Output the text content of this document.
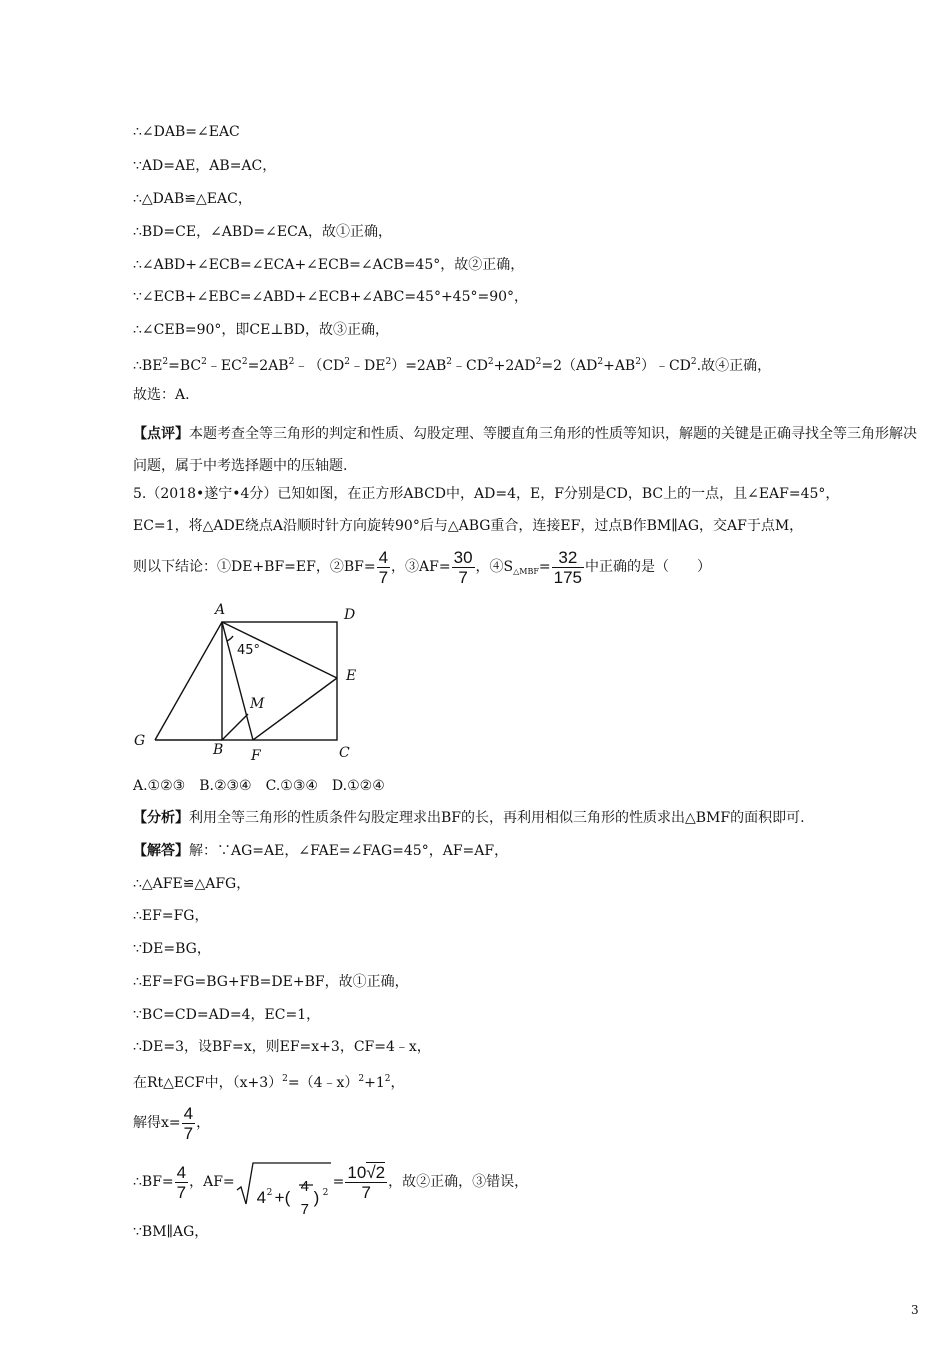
∴∠DAB=∠EAC
∵AD=AE，AB=AC，
∴△DAB≌△EAC，
∴BD=CE，∠ABD=∠ECA，故①正确，
∴∠ABD+∠ECB=∠ECA+∠ECB=∠ACB=45°，故②正确，
∵∠ECB+∠EBC=∠ABD+∠ECB+∠ABC=45°+45°=90°，
∴∠CEB=90°，即CE⊥BD，故③正确，
$\therefore BE^2=BC^2﹣EC^2=2AB^2﹣(CD^2﹣DE^2)=2AB^2﹣CD^2+2AD^2=2(AD^2+AB^2)﹣CD^2$.故④正确，
故选：A.
【点评】本题考查全等三角形的判定和性质、勾股定理、等腰直角三角形的性质等知识，解题的关键是正确寻找全等三角形解决问题，属于中考选择题中的压轴题.
5.（2018•遂宁•4分）已知如图，在正方形ABCD中，AD=4，E，F分别是CD，BC上的一点，且∠EAF=45°，
EC=1，将△ADE绕点A沿顺时针方向旋转90°后与△ABG重合，连接EF，过点B作BM∥AG，交AF于点M，
则以下结论：①DE+BF=EF，②BF= $\frac{4}{7}$ ，③AF= $\frac{30}{7}$ ，$④S_{\triangle MBF}= \frac{32}{175}$ 中正确的是（　　）
A	D
E
G
B F	C
M
45°
A.①②③　B.②③④　C.①③④　D.①②④
【分析】利用全等三角形的性质条件勾股定理求出BF的长，再利用相似三角形的性质求出△BMF的面积即可.
【解答】解：∵AG=AE，∠FAE=∠FAG=45°，AF=AF，
∴△AFE≌△AFG，
∴EF=FG，
∵DE=BG，
∴EF=FG=BG+FB=DE+BF，故①正确，
∵BC=CD=AD=4，EC=1，
∴DE=3，设BF=x，则EF=x+3，CF=4﹣x，
在Rt△ECF中，$(x+3)^2=(4﹣x)^2+1^2$，
解得$x= \frac{4}{7}$ ，
∴BF= $\frac{4}{7}$ ，AF=
4 2 +(
4
7
) 2
= $\frac{10√2}{7}$ ，故②正确，③错误，
∵BM∥AG，
3
